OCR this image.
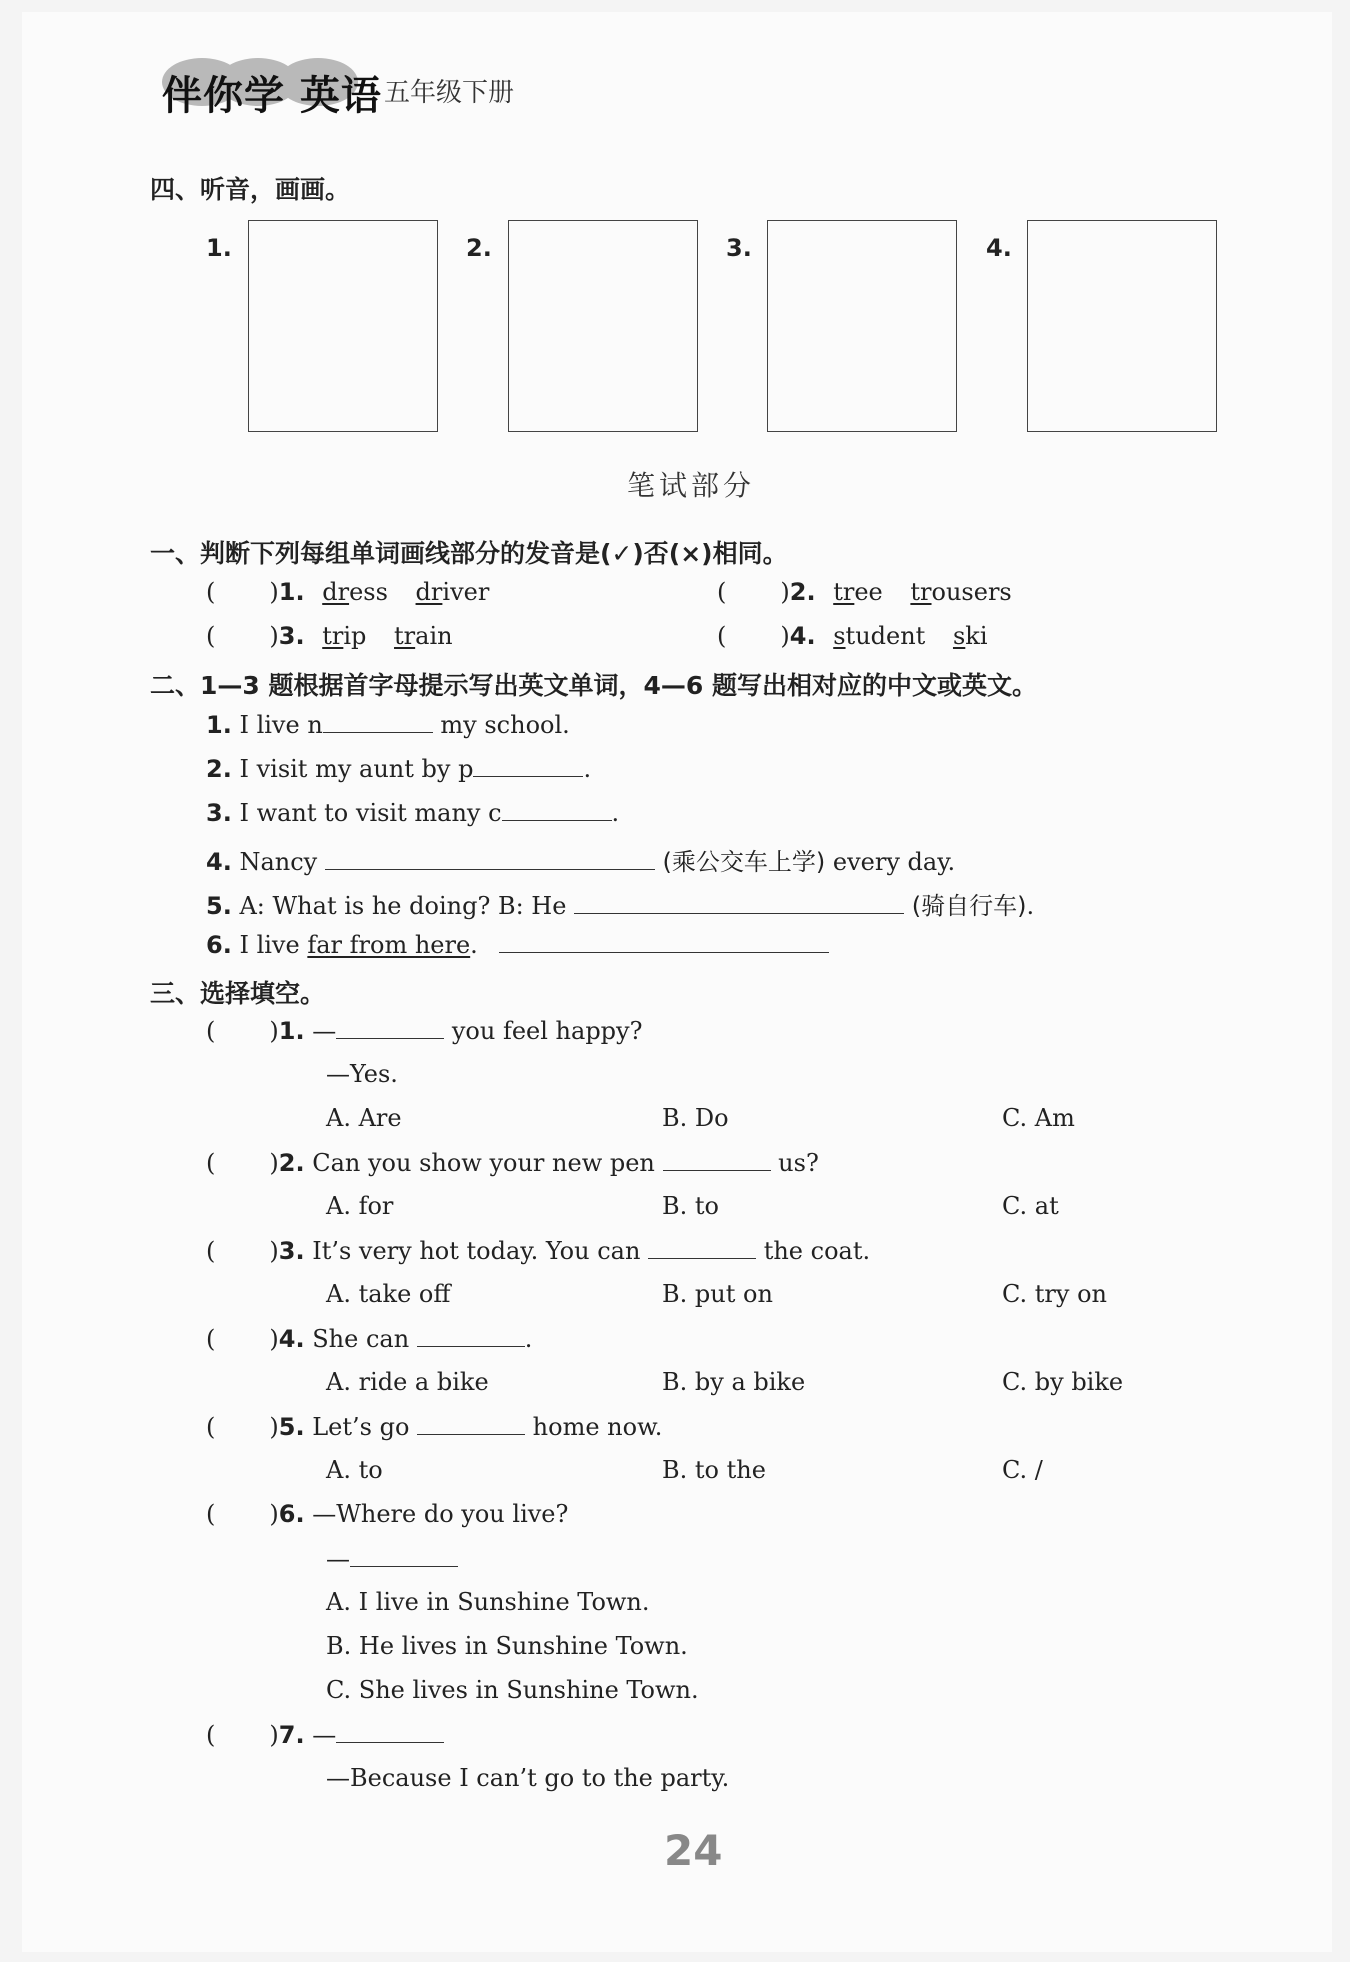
伴你学 英语 五年级下册
四、听音，画画。
1.	2.	3.	4.
笔试部分
一、判断下列每组单词画线部分的发音是(✓)否(×)相同。
( )1. dress driver	( )2. tree trousers
( )3. trip train	( )4. student ski
二、1—3 题根据首字母提示写出英文单词，4—6 题写出相对应的中文或英文。
1. I live n	my school.
2. I visit my aunt by p	.
3. I want to visit many c	.
4. Nancy	(乘公交车上学) every day.
5. A: What is he doing? B: He	(骑自行车).
6. I live far from here.
三、选择填空。
( )1. —	you feel happy?
—Yes.
A. Are	B. Do	C. Am
( )2. Can you show your new pen	us?
A. for	B. to	C. at
( )3. It’s very hot today. You can	the coat.
A. take off	B. put on	C. try on
( )4. She can	.
A. ride a bike	B. by a bike	C. by bike
( )5. Let’s go	home now.
A. to	B. to the	C. /
( )6. —Where do you live?
—
A. I live in Sunshine Town.
B. He lives in Sunshine Town.
C. She lives in Sunshine Town.
( )7. —
—Because I can’t go to the party.
24
